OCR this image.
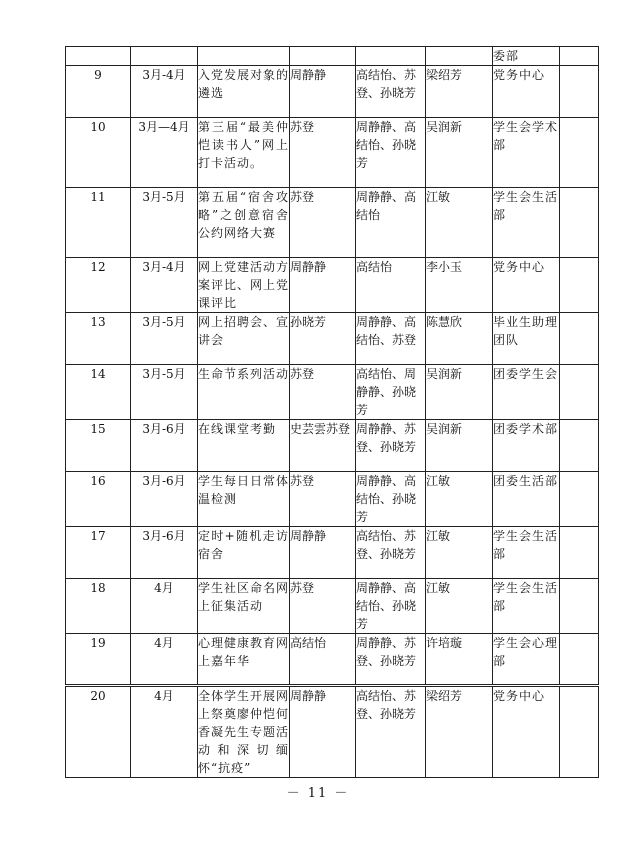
						委部	
9	3月-4月	入党发展对象的遴选	周静静	高结怡、苏登、孙晓芳	梁绍芳	党务中心	
10	3月—4月	第三届“最美仲恺读书人”网上打卡活动。	苏登	周静静、高结怡、孙晓芳	吴润新	学生会学术部	
11	3月-5月	第五届“宿舍攻略”之创意宿舍公约网络大赛	苏登	周静静、高结怡	江敏	学生会生活部	
12	3月-4月	网上党建活动方案评比、网上党课评比	周静静	高结怡	李小玉	党务中心	
13	3月-5月	网上招聘会、宣讲会	孙晓芳	周静静、高结怡、苏登	陈慧欣	毕业生助理团队	
14	3月-5月	生命节系列活动	苏登	高结怡、周静静、孙晓芳	吴润新	团委学生会	
15	3月-6月	在线课堂考勤	史芸雲苏登	周静静、苏登、孙晓芳	吴润新	团委学术部	
16	3月-6月	学生每日日常体温检测	苏登	周静静、高结怡、孙晓芳	江敏	团委生活部	
17	3月-6月	定时+随机走访宿舍	周静静	高结怡、苏登、孙晓芳	江敏	学生会生活部	
18	4月	学生社区命名网上征集活动	苏登	周静静、高结怡、孙晓芳	江敏	学生会生活部	
19	4月	心理健康教育网上嘉年华	高结怡	周静静、苏登、孙晓芳	许培璇	学生会心理部	
20	4月	全体学生开展网上祭奠廖仲恺何香凝先生专题活动和深切缅怀“抗疫”	周静静	高结怡、苏登、孙晓芳	梁绍芳	党务中心	
－ 11 －
